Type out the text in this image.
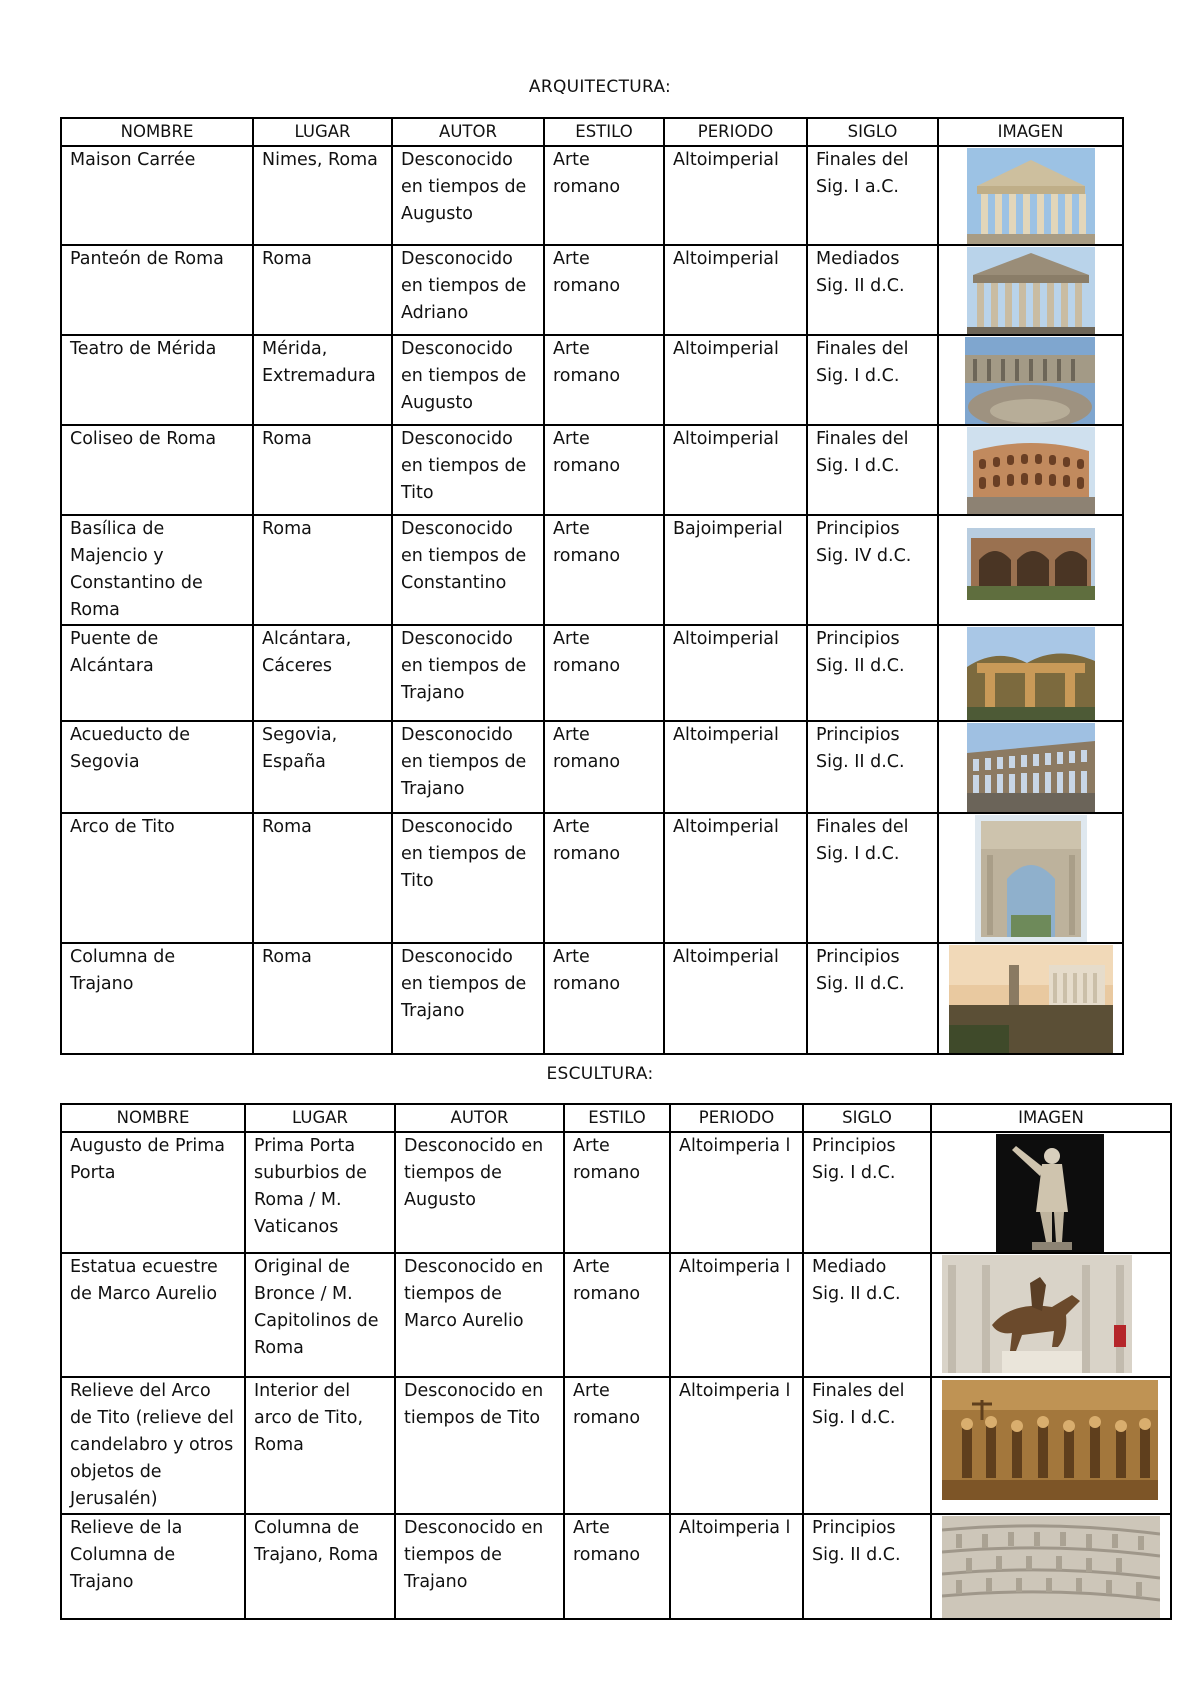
ARQUITECTURA:
NOMBRE	LUGAR	AUTOR	ESTILO	PERIODO	SIGLO	IMAGEN
Maison Carrée	Nimes, Roma	Desconocido en tiempos de Augusto	Arte romano	Altoimperial	Finales del Sig. I a.C.	

Panteón de Roma	Roma	Desconocido en tiempos de Adriano	Arte romano	Altoimperial	Mediados Sig. II d.C.	

Teatro de Mérida	Mérida, Extremadura	Desconocido en tiempos de Augusto	Arte romano	Altoimperial	Finales del Sig. I d.C.	

Coliseo de Roma	Roma	Desconocido en tiempos de Tito	Arte romano	Altoimperial	Finales del Sig. I d.C.	

Basílica de Majencio y Constantino de Roma	Roma	Desconocido en tiempos de Constantino	Arte romano	Bajoimperial	Principios Sig. IV d.C.	

Puente de Alcántara	Alcántara, Cáceres	Desconocido en tiempos de Trajano	Arte romano	Altoimperial	Principios Sig. II d.C.	

Acueducto de Segovia	Segovia, España	Desconocido en tiempos de Trajano	Arte romano	Altoimperial	Principios Sig. II d.C.	

Arco de Tito	Roma	Desconocido en tiempos de Tito	Arte romano	Altoimperial	Finales del Sig. I d.C.	

Columna de Trajano	Roma	Desconocido en tiempos de Trajano	Arte romano	Altoimperial	Principios Sig. II d.C.	
ESCULTURA:
NOMBRE	LUGAR	AUTOR	ESTILO	PERIODO	SIGLO	IMAGEN
Augusto de Prima Porta	Prima Porta suburbios de Roma / M. Vaticanos	Desconocido en tiempos de Augusto	Arte romano	Altoimperia l	Principios Sig. I d.C.	

Estatua ecuestre de Marco Aurelio	Original de Bronce / M. Capitolinos de Roma	Desconocido en tiempos de Marco Aurelio	Arte romano	Altoimperia l	Mediado Sig. II d.C.	

Relieve del Arco de Tito (relieve del candelabro y otros objetos de Jerusalén)	Interior del arco de Tito, Roma	Desconocido en tiempos de Tito	Arte romano	Altoimperia l	Finales del Sig. I d.C.	

Relieve de la Columna de Trajano	Columna de Trajano, Roma	Desconocido en tiempos de Trajano	Arte romano	Altoimperia l	Principios Sig. II d.C.	
